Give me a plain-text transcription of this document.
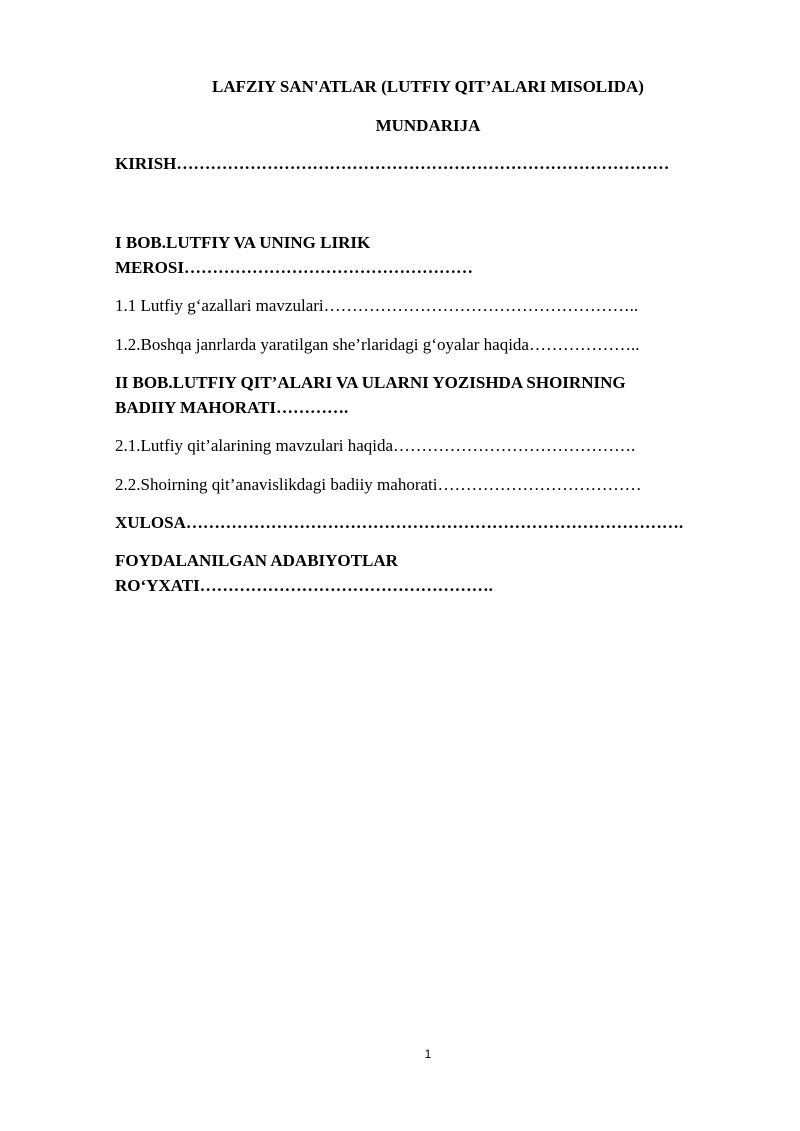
LAFZIY SAN'ATLAR (LUTFIY QIT’ALARI MISOLIDA)
MUNDARIJA
KIRISH……………………………………………………………………………
I BOB.LUTFIY VA UNING LIRIK
MEROSI……………………………………………
1.1 Lutfiy g‘azallari mavzulari………………………………………………..
1.2.Boshqa janrlarda yaratilgan she’rlaridagi g‘oyalar haqida………………..
II BOB.LUTFIY QIT’ALARI VA ULARNI YOZISHDA SHOIRNING
BADIIY MAHORATI………….
2.1.Lutfiy qit’alarining mavzulari haqida…………………………………….
2.2.Shoirning qit’anavislikdagi badiiy mahorati………………………………
XULOSA…………………………………………………………………………….
FOYDALANILGAN ADABIYOTLAR
RO‘YXATI…………………………………………….
1
